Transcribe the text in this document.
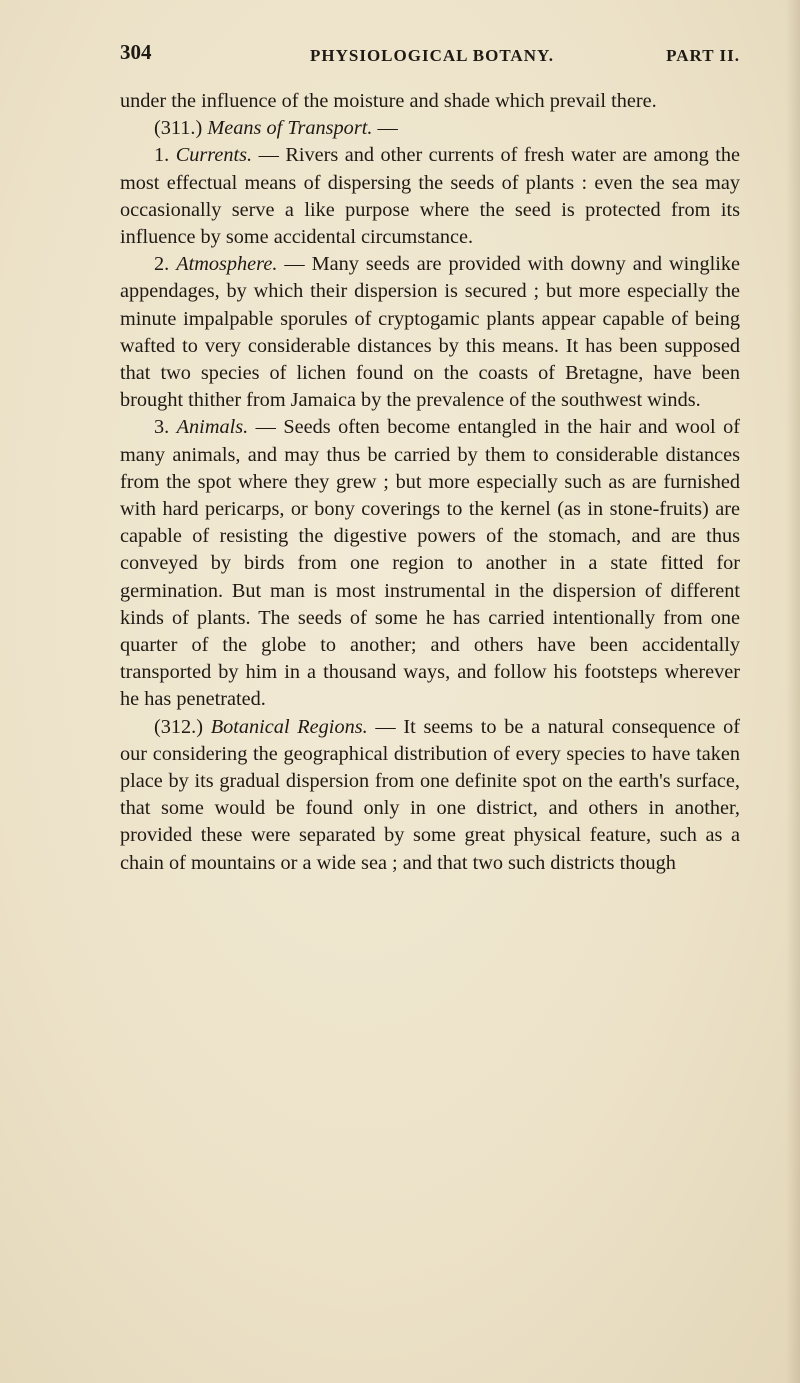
304	PHYSIOLOGICAL BOTANY.	PART II.

under the influence of the moisture and shade which prevail there.

(311.) Means of Transport. —

1. Currents. — Rivers and other currents of fresh water are among the most effectual means of dispersing the seeds of plants : even the sea may occasionally serve a like purpose where the seed is protected from its influence by some accidental circumstance.

2. Atmosphere. — Many seeds are provided with downy and winglike appendages, by which their dispersion is secured ; but more especially the minute impalpable sporules of cryptogamic plants appear capable of being wafted to very considerable distances by this means. It has been supposed that two species of lichen found on the coasts of Bretagne, have been brought thither from Jamaica by the prevalence of the southwest winds.

3. Animals. — Seeds often become entangled in the hair and wool of many animals, and may thus be carried by them to considerable distances from the spot where they grew ; but more especially such as are furnished with hard pericarps, or bony coverings to the kernel (as in stone-fruits) are capable of resisting the digestive powers of the stomach, and are thus conveyed by birds from one region to another in a state fitted for germination. But man is most instrumental in the dispersion of different kinds of plants. The seeds of some he has carried intentionally from one quarter of the globe to another; and others have been accidentally transported by him in a thousand ways, and follow his footsteps wherever he has penetrated.

(312.) Botanical Regions. — It seems to be a natural consequence of our considering the geographical distribution of every species to have taken place by its gradual dispersion from one definite spot on the earth's surface, that some would be found only in one district, and others in another, provided these were separated by some great physical feature, such as a chain of mountains or a wide sea ; and that two such districts though
